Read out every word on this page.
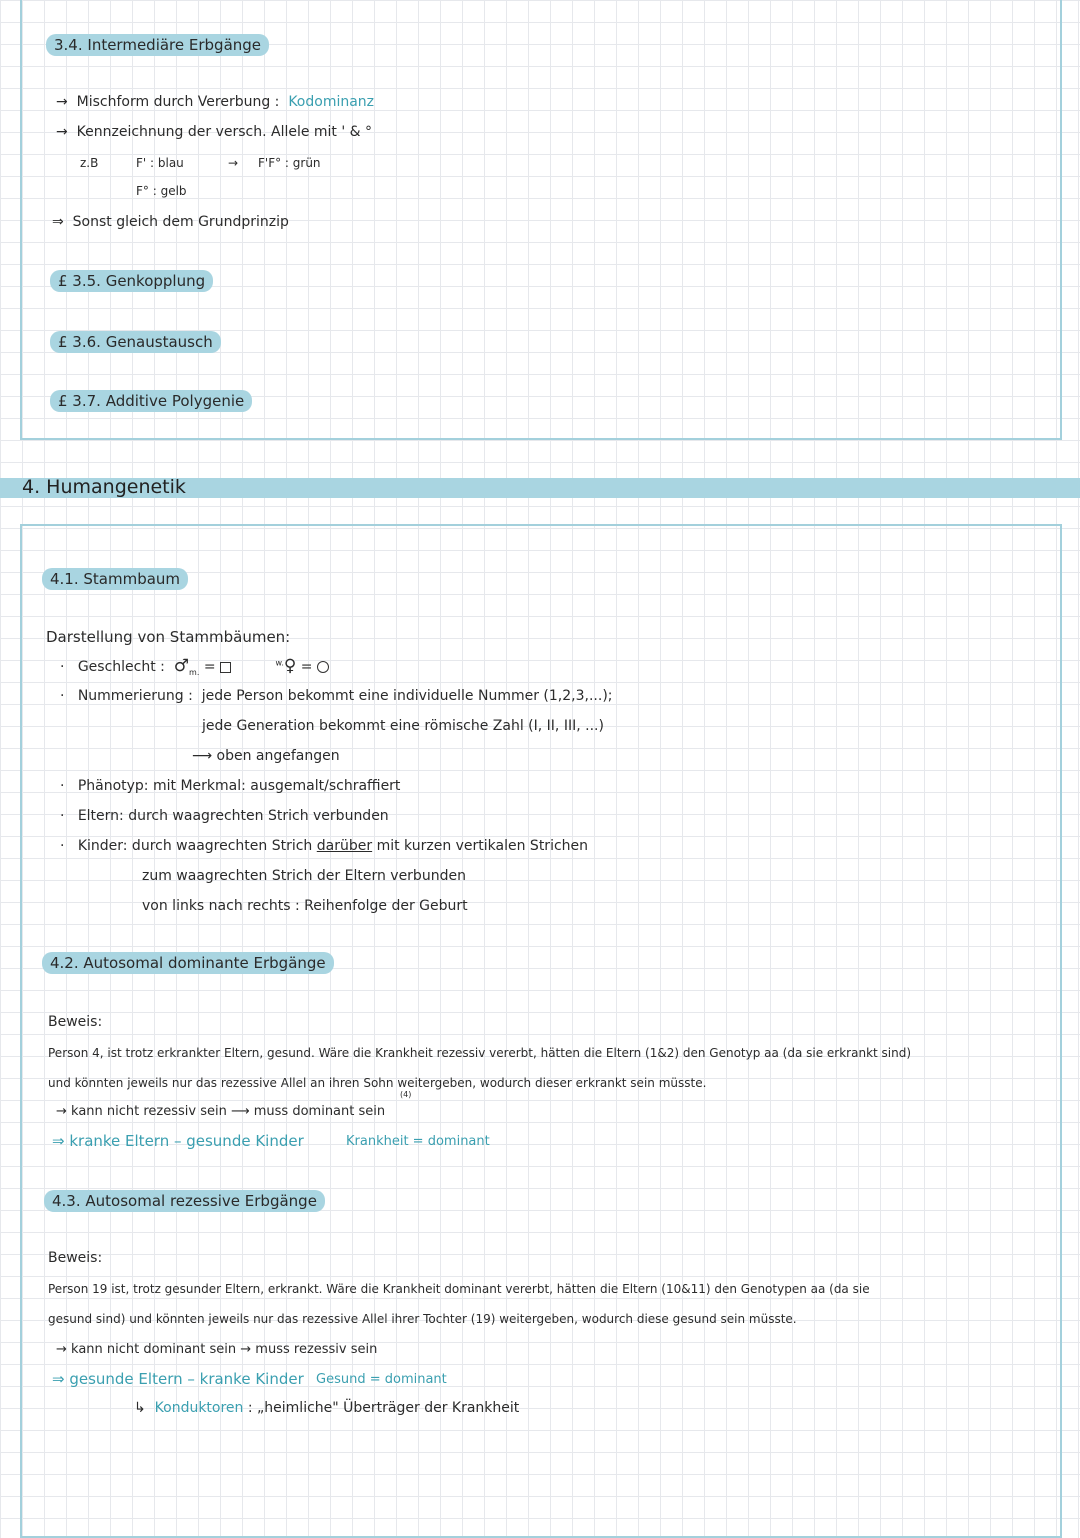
3.4. Intermediäre Erbgänge
→ Mischform durch Vererbung : Kodominanz
→ Kennzeichnung der versch. Allele mit ' & °
z.B	F' : blau	→ F'F° : grün
F° : gelb
⇒ Sonst gleich dem Grundprinzip
£ 3.5. Genkopplung
£ 3.6. Genaustausch
£ 3.7. Additive Polygenie
4. Humangenetik
4.1. Stammbaum
Darstellung von Stammbäumen:
· Geschlecht : $♂_{m.}$ =	$^{w.}$♀ =
· Nummerierung : jede Person bekommt eine individuelle Nummer (1,2,3,...);
jede Generation bekommt eine römische Zahl (I, II, III, ...)
⟶ oben angefangen
· Phänotyp: mit Merkmal: ausgemalt/schraffiert
· Eltern: durch waagrechten Strich verbunden
· Kinder: durch waagrechten Strich darüber mit kurzen vertikalen Strichen
zum waagrechten Strich der Eltern verbunden
von links nach rechts : Reihenfolge der Geburt
4.2. Autosomal dominante Erbgänge
Beweis:
Person 4, ist trotz erkrankter Eltern, gesund. Wäre die Krankheit rezessiv vererbt, hätten die Eltern (1&2) den Genotyp aa (da sie erkrankt sind)
und könnten jeweils nur das rezessive Allel an ihren Sohn weitergeben, wodurch dieser erkrankt sein müsste.
(4)
→ kann nicht rezessiv sein ⟶ muss dominant sein
⇒ kranke Eltern – gesunde Kinder	Krankheit = dominant
4.3. Autosomal rezessive Erbgänge
Beweis:
Person 19 ist, trotz gesunder Eltern, erkrankt. Wäre die Krankheit dominant vererbt, hätten die Eltern (10&11) den Genotypen aa (da sie
gesund sind) und könnten jeweils nur das rezessive Allel ihrer Tochter (19) weitergeben, wodurch diese gesund sein müsste.
→ kann nicht dominant sein → muss rezessiv sein
⇒ gesunde Eltern – kranke Kinder Gesund = dominant
↳ Konduktoren : „heimliche" Überträger der Krankheit
